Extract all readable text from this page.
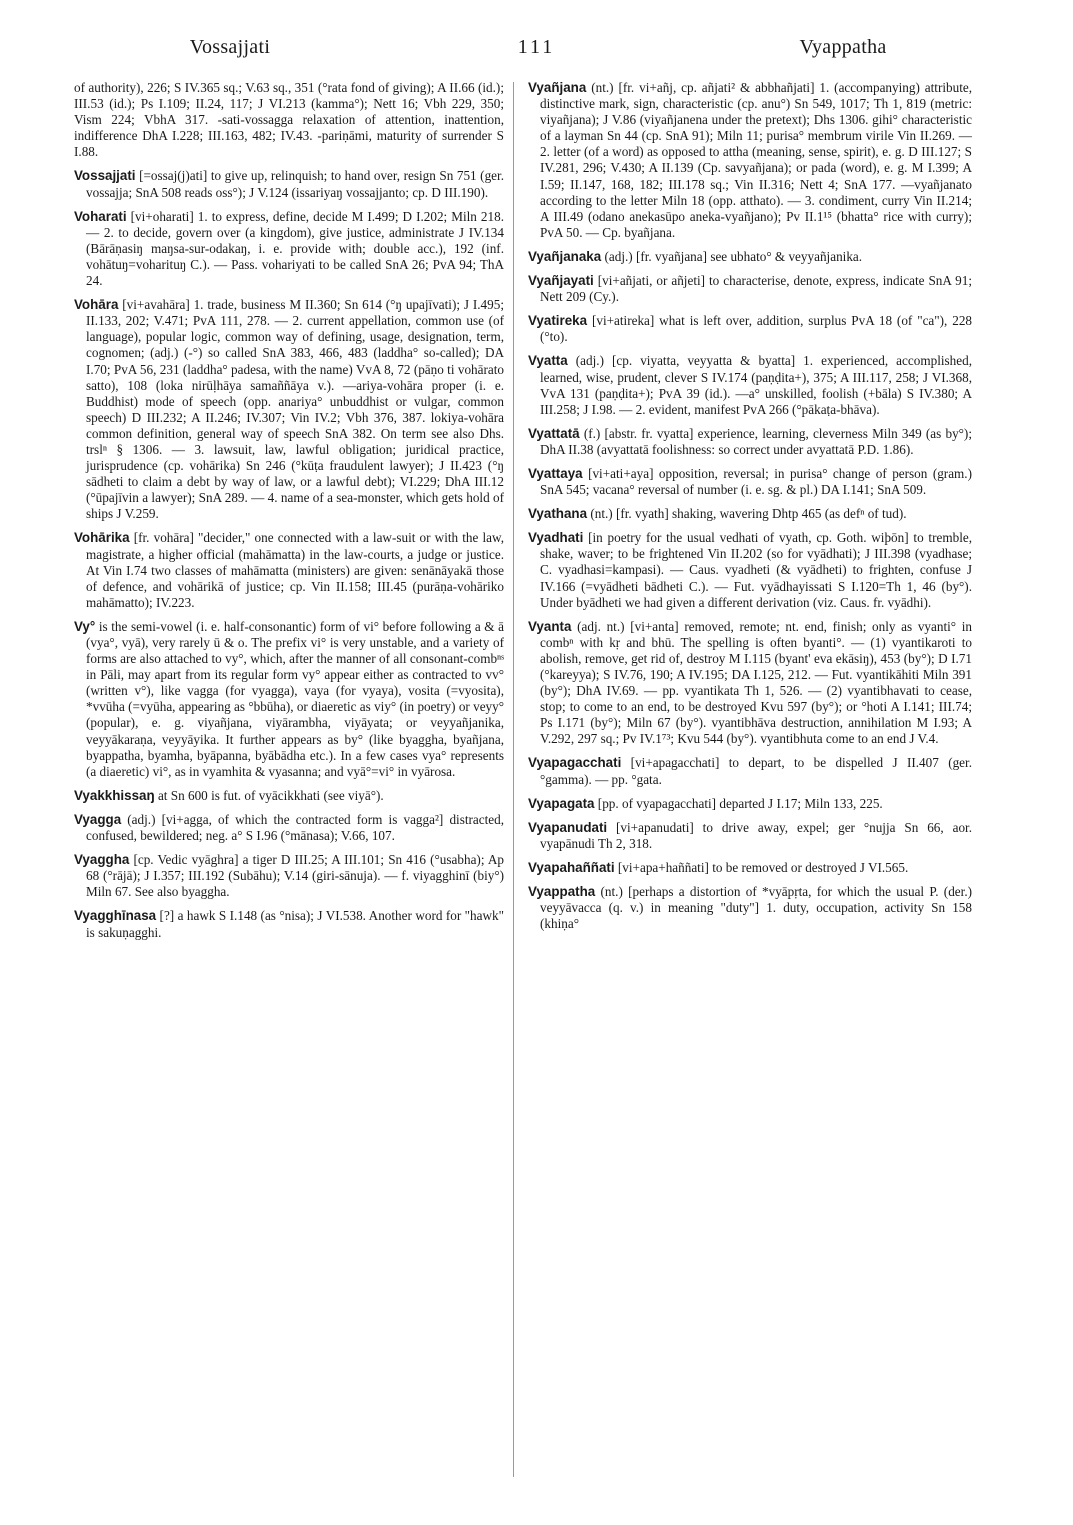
Vossajjati	111	Vyappatha

of authority), 226; S IV.365 sq.; V.63 sq., 351 (°rata fond of giving); A II.66 (id.); III.53 (id.); Ps I.109; II.24, 117; J VI.213 (kamma°); Nett 16; Vbh 229, 350; Vism 224; VbhA 317. -sati-vossagga relaxation of attention, inattention, indifference DhA I.228; III.163, 482; IV.43. -pariṇāmi, maturity of surrender S I.88.

Vossajjati [=ossaj(j)ati] to give up, relinquish; to hand over, resign Sn 751 (ger. vossajja; SnA 508 reads oss°); J V.124 (issariyaŋ vossajjanto; cp. D III.190).

Voharati [vi+oharati] 1. to express, define, decide M I.499; D I.202; Miln 218. — 2. to decide, govern over (a kingdom), give justice, administrate J IV.134 (Bārāṇasiŋ maŋsa-sur-odakaŋ, i. e. provide with; double acc.), 192 (inf. vohātuŋ=voharituŋ C.). — Pass. vohariyati to be called SnA 26; PvA 94; ThA 24.

Vohāra [vi+avahāra] 1. trade, business M II.360; Sn 614 (°ŋ upajīvati); J I.495; II.133, 202; V.471; PvA 111, 278. — 2. current appellation, common use (of language), popular logic, common way of defining, usage, designation, term, cognomen; (adj.) (-°) so called SnA 383, 466, 483 (laddha° so-called); DA I.70; PvA 56, 231 (laddha° padesa, with the name) VvA 8, 72 (pāṇo ti vohārato satto), 108 (loka nirūḷhāya samaññāya v.). —ariya-vohāra proper (i. e. Buddhist) mode of speech (opp. anariya° unbuddhist or vulgar, common speech) D III.232; A II.246; IV.307; Vin IV.2; Vbh 376, 387. lokiya-vohāra common definition, general way of speech SnA 382. On term see also Dhs. trslⁿ § 1306. — 3. lawsuit, law, lawful obligation; juridical practice, jurisprudence (cp. vohārika) Sn 246 (°kūṭa fraudulent lawyer); J II.423 (°ŋ sādheti to claim a debt by way of law, or a lawful debt); VI.229; DhA III.12 (°ūpajīvin a lawyer); SnA 289. — 4. name of a sea-monster, which gets hold of ships J V.259.

Vohārika [fr. vohāra] "decider," one connected with a law-suit or with the law, magistrate, a higher official (mahāmatta) in the law-courts, a judge or justice. At Vin I.74 two classes of mahāmatta (ministers) are given: senānāyakā those of defence, and vohārikā of justice; cp. Vin II.158; III.45 (purāṇa-vohāriko mahāmatto); IV.223.

Vy° is the semi-vowel (i. e. half-consonantic) form of vi° before following a & ā (vya°, vyā), very rarely ū & o. The prefix vi° is very unstable, and a variety of forms are also attached to vy°, which, after the manner of all consonant-combⁿˢ in Pāli, may apart from its regular form vy° appear either as contracted to vv° (written v°), like vagga (for vyagga), vaya (for vyaya), vosita (=vyosita), *vvūha (=vyūha, appearing as °bbūha), or diaeretic as viy° (in poetry) or veyy° (popular), e. g. viyañjana, viyārambha, viyāyata; or veyyañjanika, veyyākaraṇa, veyyāyika. It further appears as by° (like byaggha, byañjana, byappatha, byamha, byāpanna, byābādha etc.). In a few cases vya° represents (a diaeretic) vi°, as in vyamhita & vyasanna; and vyā°=vi° in vyārosa.

Vyakkhissaŋ at Sn 600 is fut. of vyācikkhati (see viyā°).

Vyagga (adj.) [vi+agga, of which the contracted form is vagga²] distracted, confused, bewildered; neg. a° S I.96 (°mānasa); V.66, 107.

Vyaggha [cp. Vedic vyāghra] a tiger D III.25; A III.101; Sn 416 (°usabha); Ap 68 (°rājā); J I.357; III.192 (Subāhu); V.14 (giri-sānuja). — f. viyagghinī (biy°) Miln 67. See also byaggha.

Vyagghīnasa [?] a hawk S I.148 (as °nisa); J VI.538. Another word for "hawk" is sakuṇagghi.

Vyañjana (nt.) [fr. vi+añj, cp. añjati² & abbhañjati] 1. (accompanying) attribute, distinctive mark, sign, characteristic (cp. anu°) Sn 549, 1017; Th 1, 819 (metric: viyañjana); J V.86 (viyañjanena under the pretext); Dhs 1306. gihi° characteristic of a layman Sn 44 (cp. SnA 91); Miln 11; purisa° membrum virile Vin II.269. — 2. letter (of a word) as opposed to attha (meaning, sense, spirit), e. g. D III.127; S IV.281, 296; V.430; A II.139 (Cp. savyañjana); or pada (word), e. g. M I.399; A I.59; II.147, 168, 182; III.178 sq.; Vin II.316; Nett 4; SnA 177. —vyañjanato according to the letter Miln 18 (opp. atthato). — 3. condiment, curry Vin II.214; A III.49 (odano anekasūpo aneka-vyañjano); Pv II.1¹⁵ (bhatta° rice with curry); PvA 50. — Cp. byañjana.

Vyañjanaka (adj.) [fr. vyañjana] see ubhato° & veyyañjanika.

Vyañjayati [vi+añjati, or añjeti] to characterise, denote, express, indicate SnA 91; Nett 209 (Cy.).

Vyatireka [vi+atireka] what is left over, addition, surplus PvA 18 (of "ca"), 228 (°to).

Vyatta (adj.) [cp. viyatta, veyyatta & byatta] 1. experienced, accomplished, learned, wise, prudent, clever S IV.174 (paṇḍita+), 375; A III.117, 258; J VI.368, VvA 131 (paṇḍita+); PvA 39 (id.). —a° unskilled, foolish (+bāla) S IV.380; A III.258; J I.98. — 2. evident, manifest PvA 266 (°pākaṭa-bhāva).

Vyattatā (f.) [abstr. fr. vyatta] experience, learning, cleverness Miln 349 (as by°); DhA II.38 (avyattatā foolishness: so correct under avyattatā P.D. 1.86).

Vyattaya [vi+ati+aya] opposition, reversal; in purisa° change of person (gram.) SnA 545; vacana° reversal of number (i. e. sg. & pl.) DA I.141; SnA 509.

Vyathana (nt.) [fr. vyath] shaking, wavering Dhtp 465 (as defⁿ of tud).

Vyadhati [in poetry for the usual vedhati of vyath, cp. Goth. wiþōn] to tremble, shake, waver; to be frightened Vin II.202 (so for vyādhati); J III.398 (vyadhase; C. vyadhasi=kampasi). — Caus. vyadheti (& vyādheti) to frighten, confuse J IV.166 (=vyādheti bādheti C.). — Fut. vyādhayissati S I.120=Th 1, 46 (by°). Under byādheti we had given a different derivation (viz. Caus. fr. vyādhi).

Vyanta (adj. nt.) [vi+anta] removed, remote; nt. end, finish; only as vyanti° in combⁿ with kṛ and bhū. The spelling is often byanti°. — (1) vyantikaroti to abolish, remove, get rid of, destroy M I.115 (byant' eva ekāsiŋ), 453 (by°); D I.71 (°kareyya); S IV.76, 190; A IV.195; DA I.125, 212. — Fut. vyantikāhiti Miln 391 (by°); DhA IV.69. — pp. vyantikata Th 1, 526. — (2) vyantibhavati to cease, stop; to come to an end, to be destroyed Kvu 597 (by°); or °hoti A I.141; III.74; Ps I.171 (by°); Miln 67 (by°). vyantibhāva destruction, annihilation M I.93; A V.292, 297 sq.; Pv IV.1⁷³; Kvu 544 (by°). vyantibhuta come to an end J V.4.

Vyapagacchati [vi+apagacchati] to depart, to be dispelled J II.407 (ger. °gamma). — pp. °gata.

Vyapagata [pp. of vyapagacchati] departed J I.17; Miln 133, 225.

Vyapanudati [vi+apanudati] to drive away, expel; ger °nujja Sn 66, aor. vyapānudi Th 2, 318.

Vyapahaññati [vi+apa+haññati] to be removed or destroyed J VI.565.

Vyappatha (nt.) [perhaps a distortion of *vyāpṛta, for which the usual P. (der.) veyyāvacca (q. v.) in meaning "duty"] 1. duty, occupation, activity Sn 158 (khiṇa°
